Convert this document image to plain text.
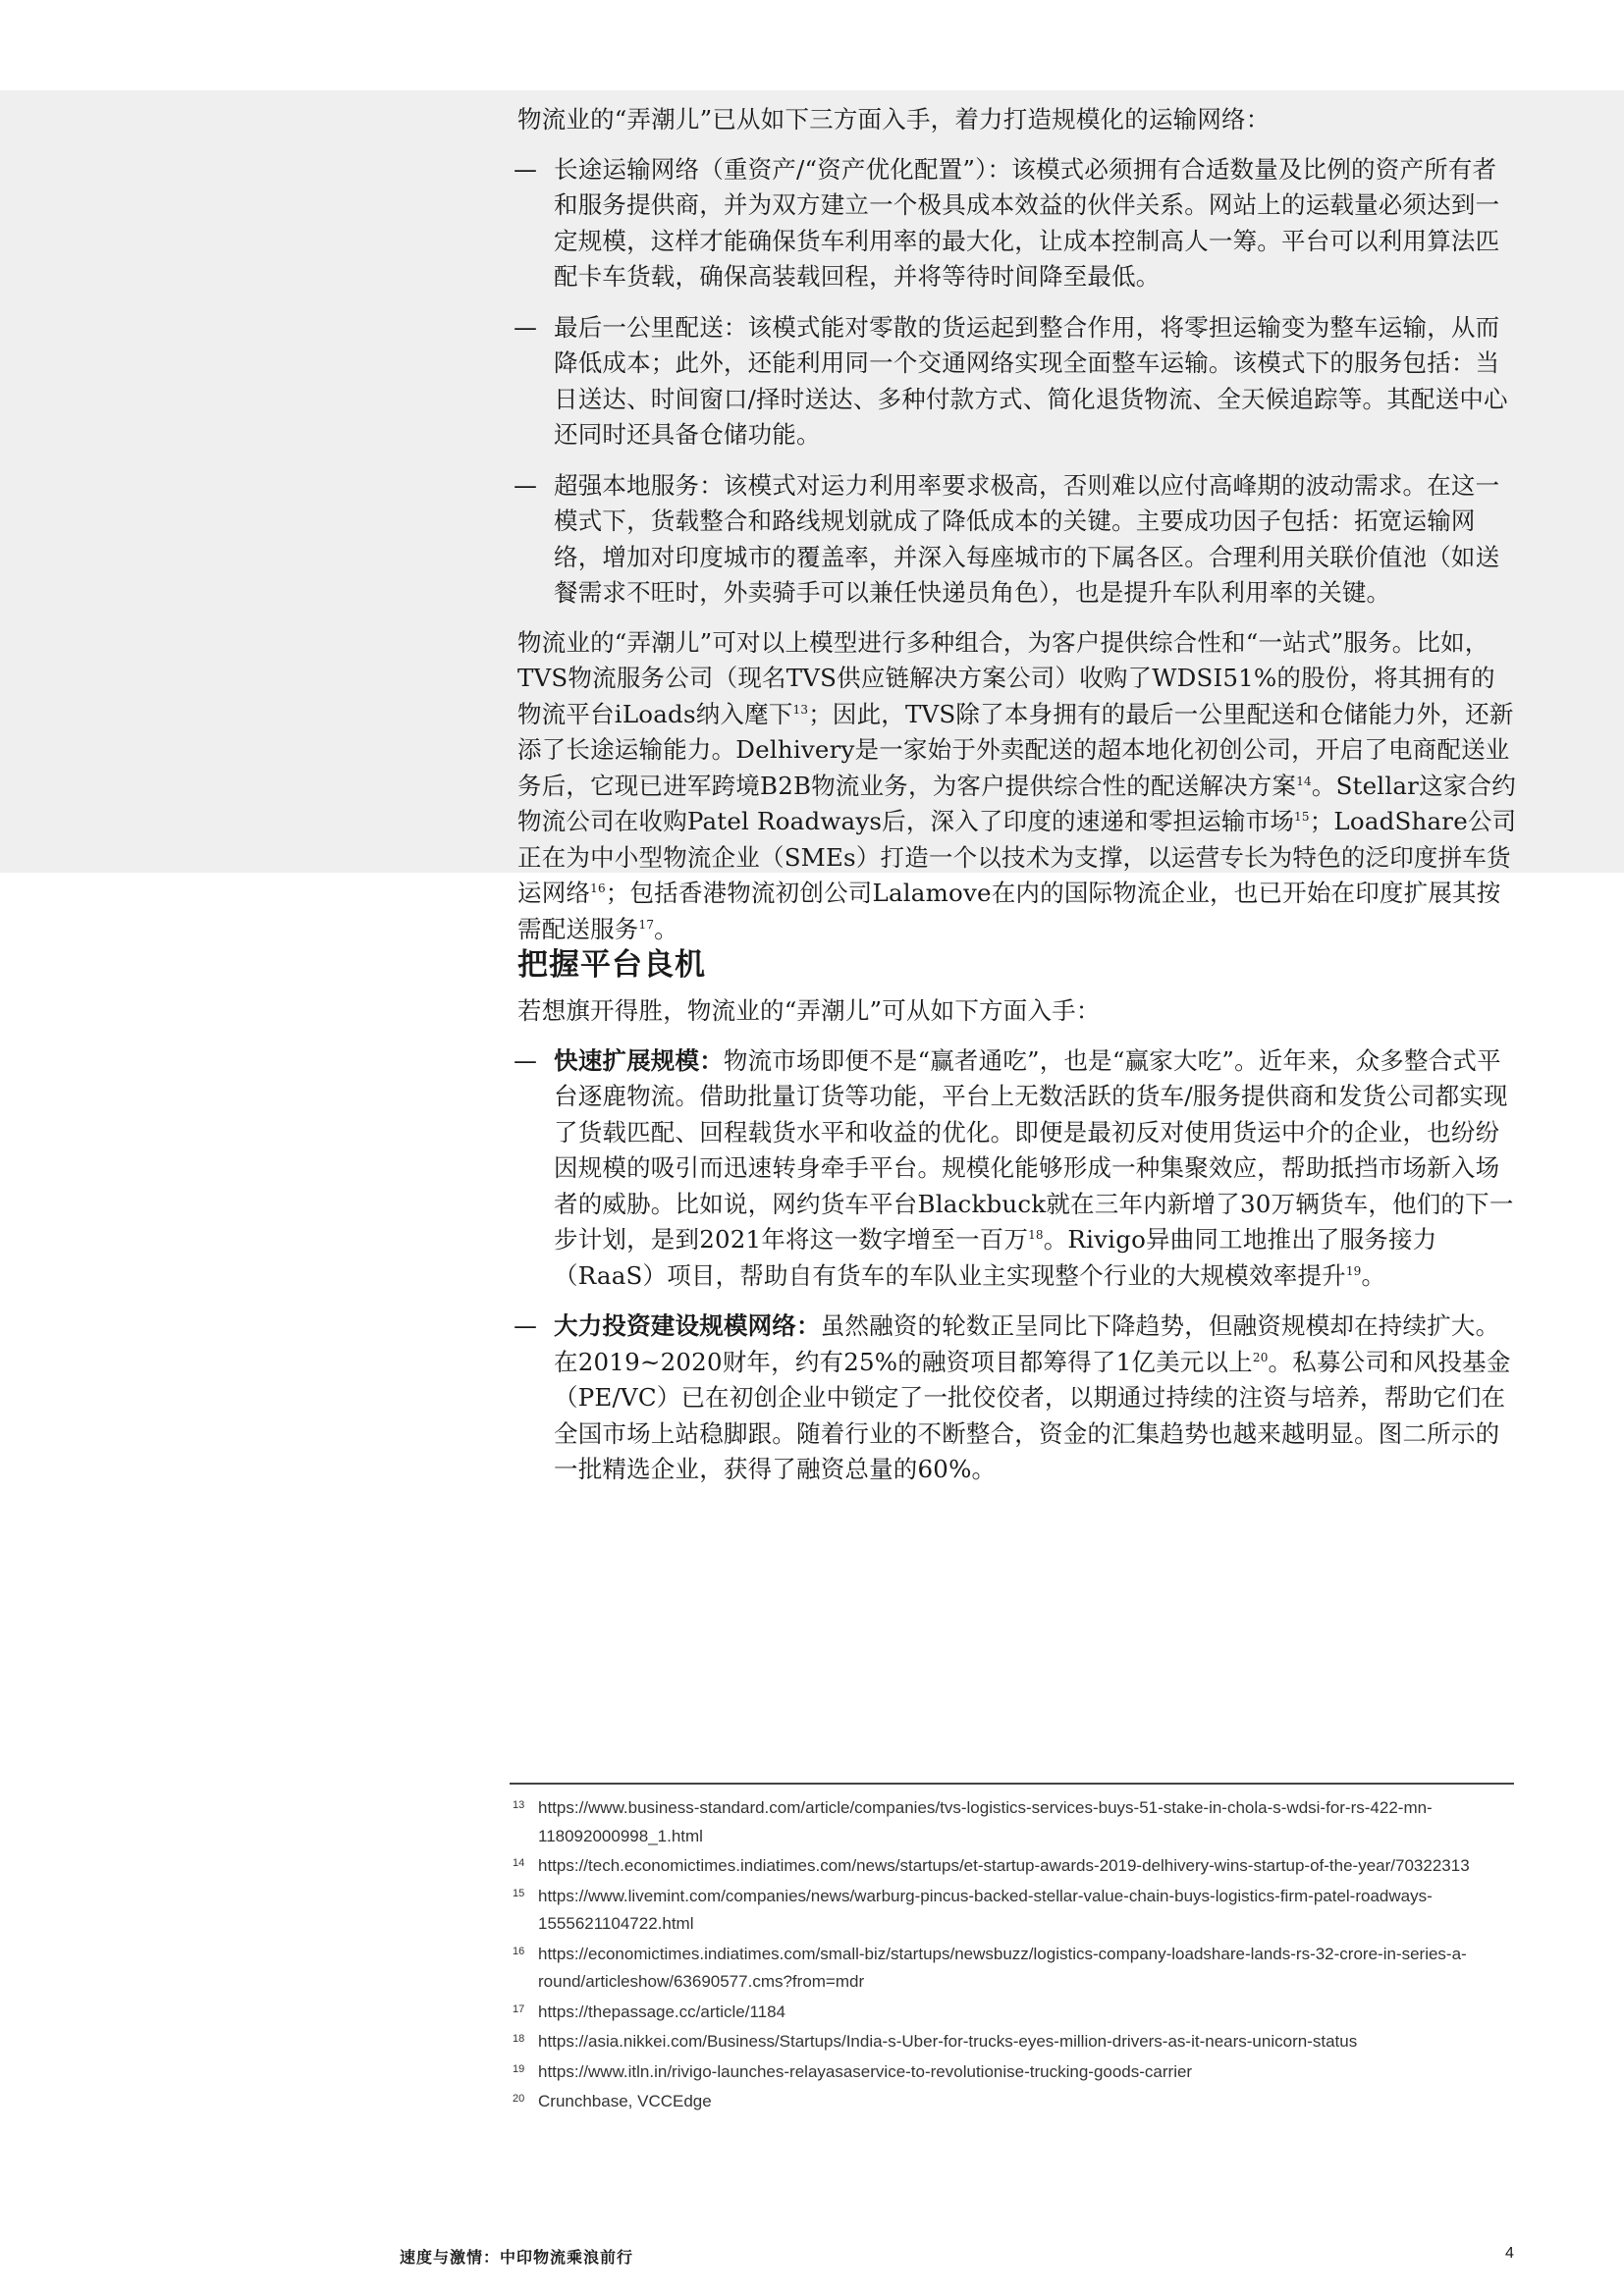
物流业的“弄潮儿”已从如下三方面入手，着力打造规模化的运输网络：

— 长途运输网络（重资产/“资产优化配置”）：该模式必须拥有合适数量及比例的资产所有者和服务提供商，并为双方建立一个极具成本效益的伙伴关系。网站上的运载量必须达到一定规模，这样才能确保货车利用率的最大化，让成本控制高人一筹。平台可以利用算法匹配卡车货载，确保高装载回程，并将等待时间降至最低。

— 最后一公里配送：该模式能对零散的货运起到整合作用，将零担运输变为整车运输，从而降低成本；此外，还能利用同一个交通网络实现全面整车运输。该模式下的服务包括：当日送达、时间窗口/择时送达、多种付款方式、简化退货物流、全天候追踪等。其配送中心还同时还具备仓储功能。

— 超强本地服务：该模式对运力利用率要求极高，否则难以应付高峰期的波动需求。在这一模式下，货载整合和路线规划就成了降低成本的关键。主要成功因子包括：拓宽运输网络，增加对印度城市的覆盖率，并深入每座城市的下属各区。合理利用关联价值池（如送餐需求不旺时，外卖骑手可以兼任快递员角色），也是提升车队利用率的关键。

物流业的“弄潮儿”可对以上模型进行多种组合，为客户提供综合性和“一站式”服务。比如，TVS物流服务公司（现名TVS供应链解决方案公司）收购了WDSI51%的股份，将其拥有的物流平台iLoads纳入麾下$^{13}$；因此，TVS除了本身拥有的最后一公里配送和仓储能力外，还新添了长途运输能力。Delhivery是一家始于外卖配送的超本地化初创公司，开启了电商配送业务后，它现已进军跨境B2B物流业务，为客户提供综合性的配送解决方案$^{14}$。Stellar这家合约物流公司在收购Patel Roadways后，深入了印度的速递和零担运输市场$^{15}$；LoadShare公司正在为中小型物流企业（SMEs）打造一个以技术为支撑，以运营专长为特色的泛印度拼车货运网络$^{16}$；包括香港物流初创公司Lalamove在内的国际物流企业，也已开始在印度扩展其按需配送服务$^{17}$。

把握平台良机

若想旗开得胜，物流业的“弄潮儿”可从如下方面入手：

— 快速扩展规模：物流市场即便不是“赢者通吃”，也是“赢家大吃”。近年来，众多整合式平台逐鹿物流。借助批量订货等功能，平台上无数活跃的货车/服务提供商和发货公司都实现了货载匹配、回程载货水平和收益的优化。即便是最初反对使用货运中介的企业，也纷纷因规模的吸引而迅速转身牵手平台。规模化能够形成一种集聚效应，帮助抵挡市场新入场者的威胁。比如说，网约货车平台Blackbuck就在三年内新增了30万辆货车，他们的下一步计划，是到2021年将这一数字增至一百万$^{18}$。Rivigo异曲同工地推出了服务接力（RaaS）项目，帮助自有货车的车队业主实现整个行业的大规模效率提升$^{19}$。

— 大力投资建设规模网络：虽然融资的轮数正呈同比下降趋势，但融资规模却在持续扩大。在2019~2020财年，约有25%的融资项目都筹得了1亿美元以上$^{20}$。私募公司和风投基金（PE/VC）已在初创企业中锁定了一批佼佼者，以期通过持续的注资与培养，帮助它们在全国市场上站稳脚跟。随着行业的不断整合，资金的汇集趋势也越来越明显。图二所示的一批精选企业，获得了融资总量的60%。

13 https://www.business-standard.com/article/companies/tvs-logistics-services-buys-51-stake-in-chola-s-wdsi-for-rs-422-mn-118092000998_1.html
14 https://tech.economictimes.indiatimes.com/news/startups/et-startup-awards-2019-delhivery-wins-startup-of-the-year/70322313
15 https://www.livemint.com/companies/news/warburg-pincus-backed-stellar-value-chain-buys-logistics-firm-patel-roadways-1555621104722.html
16 https://economictimes.indiatimes.com/small-biz/startups/newsbuzz/logistics-company-loadshare-lands-rs-32-crore-in-series-a-round/articleshow/63690577.cms?from=mdr
17 https://thepassage.cc/article/1184
18 https://asia.nikkei.com/Business/Startups/India-s-Uber-for-trucks-eyes-million-drivers-as-it-nears-unicorn-status
19 https://www.itln.in/rivigo-launches-relayasaservice-to-revolutionise-trucking-goods-carrier
20 Crunchbase, VCCEdge
速度与激情：中印物流乘浪前行	4
